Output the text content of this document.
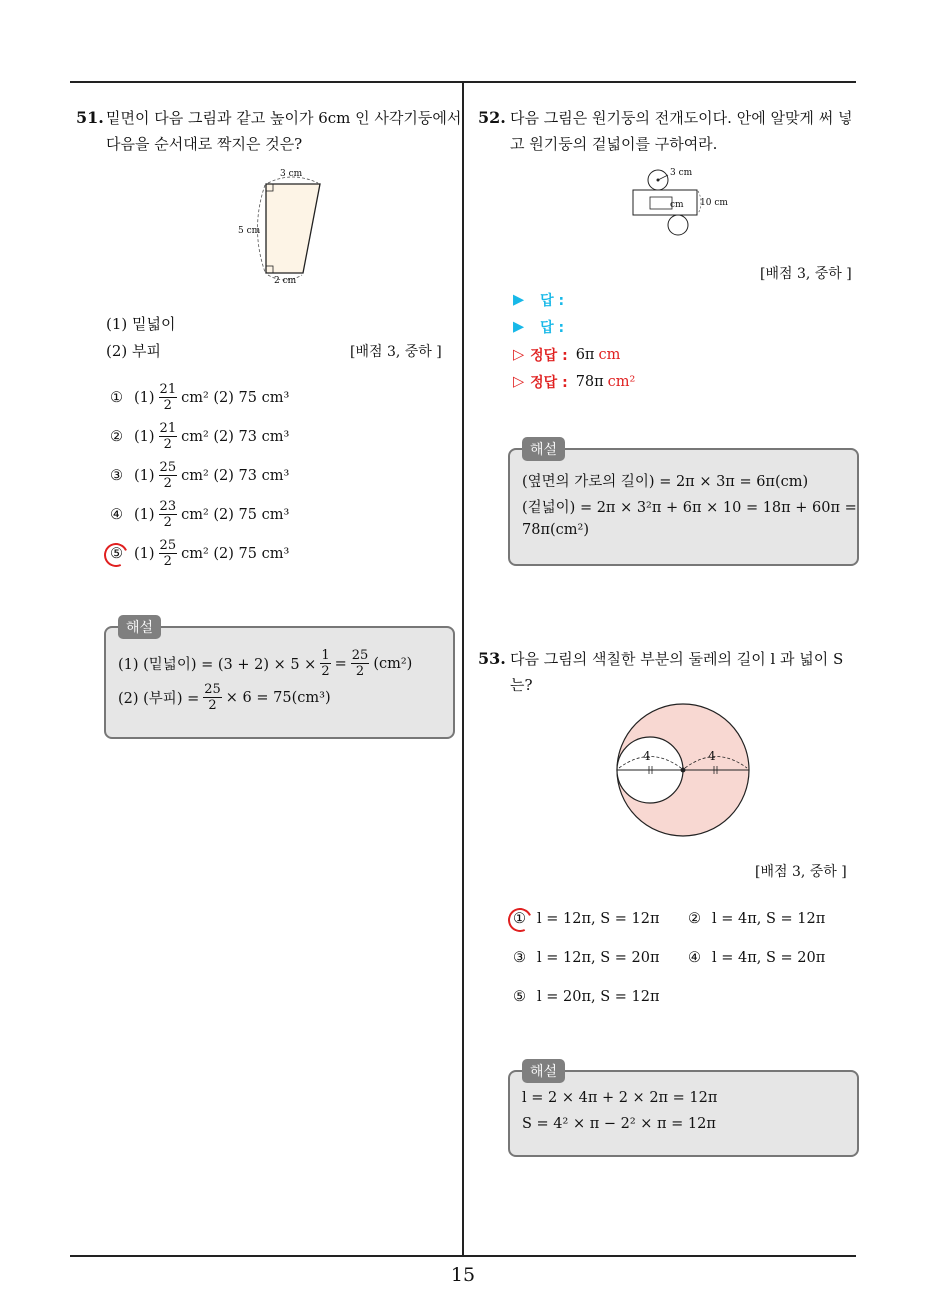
15
51. 밑면이 다음 그림과 같고 높이가 6cm 인 사각기둥에서
다음을 순서대로 짝지은 것은?
3 cm
5 cm
2 cm
(1) 밑넓이
(2) 부피	[배점 3, 중하 ]
① $(1) \frac{21}{2} cm^2$
(2) 75 cm³
② $(1) \frac{21}{2} cm^2$
(2) 73 cm³
③ $(1) \frac{25}{2} cm^2$
(2) 73 cm³
④ $(1) \frac{23}{2} cm^2$
(2) 75 cm³
⑤ $(1) \frac{25}{2} cm^2$
(2) 75 cm³
(1) (밑넓이) = $(3 + 2) \times 5 \times \frac{1}{2} = \frac{25}{2} (cm^2)$
(2) (부피) = $\frac{25}{2} \times 6 = 75(cm^3)$
해설
52. 다음 그림은 원기둥의 전개도이다. 안에 알맞게 써 넣
고 원기둥의 겉넓이를 구하여라.
3 cm
cm 10 cm
[배점 3, 중하 ]
▶ 답 :
▶ 답 :
▷ 정답 : 6π cm
▷ 정답 : 78π cm²
(옆면의 가로의 길이) = 2π × 3π = 6π(cm)
(겉넓이) = 2π × 3²π + 6π × 10 = 18π + 60π =
78π(cm²)
해설
53. 다음 그림의 색칠한 부분의 둘레의 길이 l 과 넓이 S
는?
4	4
[배점 3, 중하 ]
① l = 12π, S = 12π ② l = 4π, S = 12π
③ l = 12π, S = 20π ④ l = 4π, S = 20π
⑤ l = 20π, S = 12π
l = 2 × 4π + 2 × 2π = 12π
S = 4² × π − 2² × π = 12π
해설
